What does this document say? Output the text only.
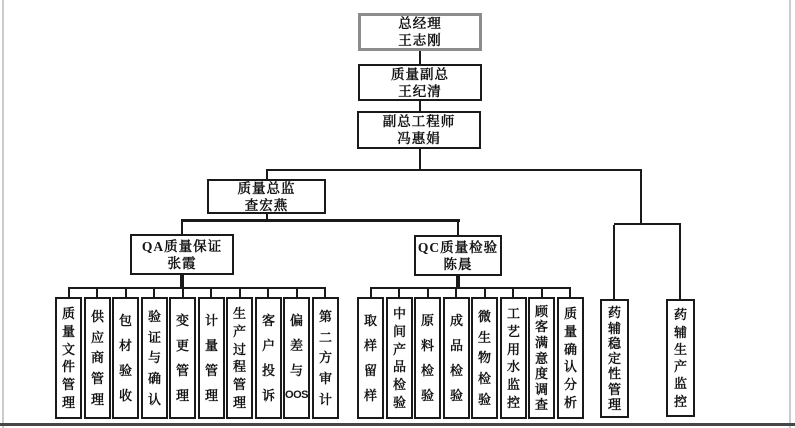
总经理
王志刚
质量副总
王纪清
副总工程师
冯惠娟
质量总监
查宏燕
QA质量保证
张霞
QC质量检验
陈晨
质
量
文
件
管
理
供
应
商
管
理
包
材
验
收
验
证
与
确
认
变
更
管
理
计
量
管
理
生
产
过
程
管
理
客
户
投
诉
偏
差
与
OOS
第
二
方
审
计
取
样
留
样
中
间
产
品
检
验
原
料
检
验
成
品
检
验
微
生
物
检
验
工
艺
用
水
监
控
顾
客
满
意
度
调
查
质
量
确
认
分
析
药
辅
稳
定
性
管
理
药
辅
生
产
监
控
